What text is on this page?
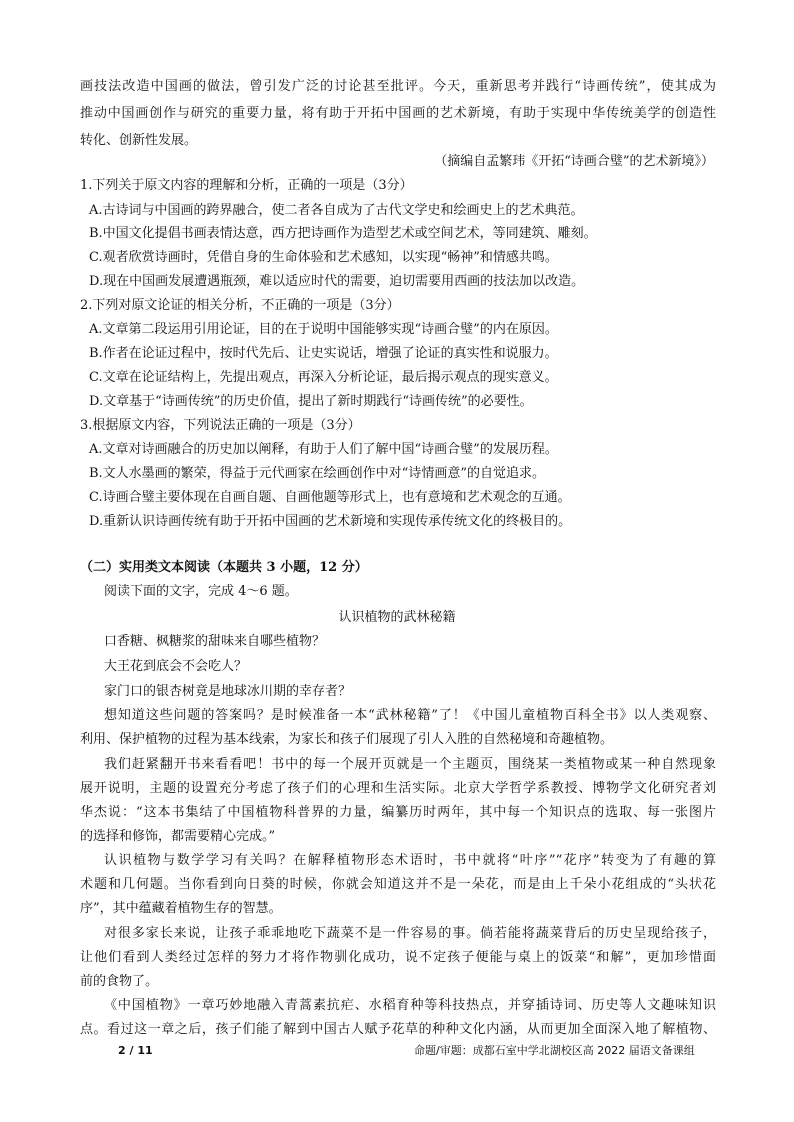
画技法改造中国画的做法，曾引发广泛的讨论甚至批评。今天，重新思考并践行“诗画传统”，使其成为
推动中国画创作与研究的重要力量，将有助于开拓中国画的艺术新境，有助于实现中华传统美学的创造性
转化、创新性发展。
（摘编自孟繁玮《开拓“诗画合璧”的艺术新境》）
1.下列关于原文内容的理解和分析，正确的一项是（3分）
A.古诗词与中国画的跨界融合，使二者各自成为了古代文学史和绘画史上的艺术典范。
B.中国文化提倡书画表情达意，西方把诗画作为造型艺术或空间艺术，等同建筑、雕刻。
C.观者欣赏诗画时，凭借自身的生命体验和艺术感知，以实现“畅神”和情感共鸣。
D.现在中国画发展遭遇瓶颈，难以适应时代的需要，迫切需要用西画的技法加以改造。
2.下列对原文论证的相关分析，不正确的一项是（3分）
A.文章第二段运用引用论证，目的在于说明中国能够实现“诗画合璧”的内在原因。
B.作者在论证过程中，按时代先后、让史实说话，增强了论证的真实性和说服力。
C.文章在论证结构上，先提出观点，再深入分析论证，最后揭示观点的现实意义。
D.文章基于“诗画传统”的历史价值，提出了新时期践行“诗画传统”的必要性。
3.根据原文内容，下列说法正确的一项是（3分）
A.文章对诗画融合的历史加以阐释，有助于人们了解中国“诗画合璧”的发展历程。
B.文人水墨画的繁荣，得益于元代画家在绘画创作中对“诗情画意”的自觉追求。
C.诗画合璧主要体现在自画自题、自画他题等形式上，也有意境和艺术观念的互通。
D.重新认识诗画传统有助于开拓中国画的艺术新境和实现传承传统文化的终极目的。
（二）实用类文本阅读（本题共 3 小题，12 分）
阅读下面的文字，完成 4～6 题。
认识植物的武林秘籍
口香糖、枫糖浆的甜味来自哪些植物？
大王花到底会不会吃人？
家门口的银杏树竟是地球冰川期的幸存者？
想知道这些问题的答案吗？是时候准备一本“武林秘籍”了！《中国儿童植物百科全书》以人类观察、
利用、保护植物的过程为基本线索，为家长和孩子们展现了引人入胜的自然秘境和奇趣植物。
我们赶紧翻开书来看看吧！书中的每一个展开页就是一个主题页，围绕某一类植物或某一种自然现象
展开说明，主题的设置充分考虑了孩子们的心理和生活实际。北京大学哲学系教授、博物学文化研究者刘
华杰说：“这本书集结了中国植物科普界的力量，编纂历时两年，其中每一个知识点的选取、每一张图片
的选择和修饰，都需要精心完成。”
认识植物与数学学习有关吗？在解释植物形态术语时，书中就将“叶序”“花序”转变为了有趣的算
术题和几何题。当你看到向日葵的时候，你就会知道这并不是一朵花，而是由上千朵小花组成的“头状花
序”，其中蕴藏着植物生存的智慧。
对很多家长来说，让孩子乖乖地吃下蔬菜不是一件容易的事。倘若能将蔬菜背后的历史呈现给孩子，
让他们看到人类经过怎样的努力才将作物驯化成功，说不定孩子便能与桌上的饭菜“和解”，更加珍惜面
前的食物了。
《中国植物》一章巧妙地融入青蒿素抗疟、水稻育种等科技热点，并穿插诗词、历史等人文趣味知识
点。看过这一章之后，孩子们能了解到中国古人赋予花草的种种文化内涵，从而更加全面深入地了解植物、
2 / 11	命题/审题：成都石室中学北湖校区高 2022 届语文备课组
